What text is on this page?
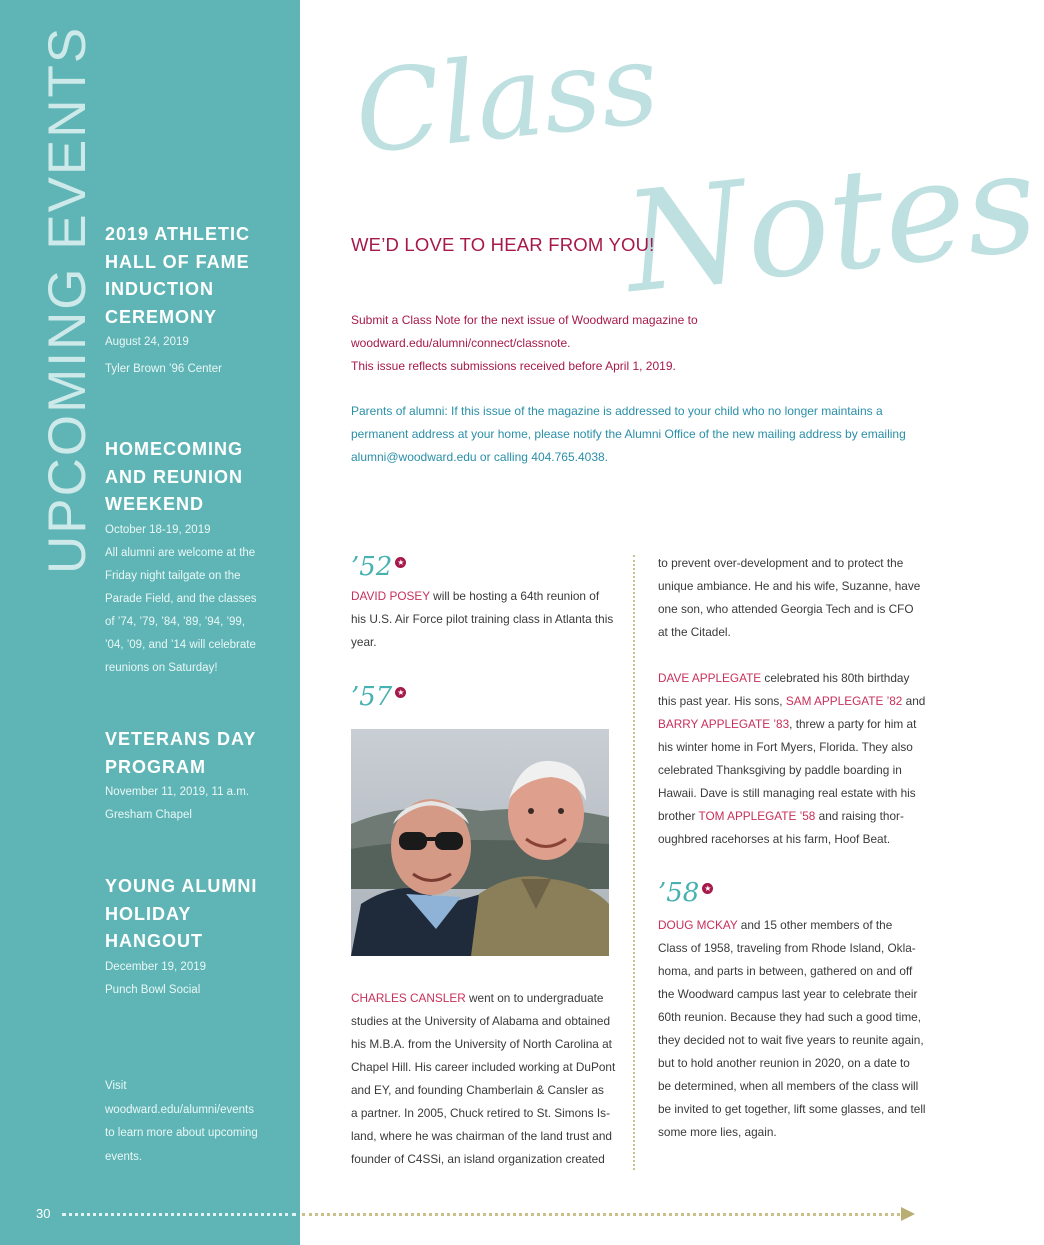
UPCOMING EVENTS 2019 ATHLETIC
HALL OF FAME
INDUCTION
CEREMONY
August 24, 2019
Tyler Brown ’96 Center
HOMECOMING
AND REUNION
WEEKEND
October 18-19, 2019
All alumni are welcome at the
Friday night tailgate on the
Parade Field, and the classes
of ’74, ’79, ’84, ’89, ’94, ’99,
’04, ’09, and ’14 will celebrate
reunions on Saturday!
VETERANS DAY
PROGRAM
November 11, 2019, 11 a.m.
Gresham Chapel
YOUNG ALUMNI
HOLIDAY
HANGOUT
December 19, 2019
Punch Bowl Social
Visit
woodward.edu/alumni/events
to learn more about upcoming
events.
30
Class
Notes
WE’D LOVE TO HEAR FROM YOU!
Submit a Class Note for the next issue of Woodward magazine to
woodward.edu/alumni/connect/classnote.
This issue reflects submissions received before April 1, 2019.
Parents of alumni: If this issue of the magazine is addressed to your child who no longer maintains a
permanent address at your home, please notify the Alumni Office of the new mailing address by emailing
alumni@woodward.edu or calling 404.765.4038.
’52 ★
DAVID POSEY will be hosting a 64th reunion of
his U.S. Air Force pilot training class in Atlanta this
year.
’57 ★
CHARLES CANSLER went on to undergraduate
studies at the University of Alabama and obtained
his M.B.A. from the University of North Carolina at
Chapel Hill. His career included working at DuPont
and EY, and founding Chamberlain & Cansler as
a partner. In 2005, Chuck retired to St. Simons Is-
land, where he was chairman of the land trust and
founder of C4SSi, an island organization created
to prevent over-development and to protect the
unique ambiance. He and his wife, Suzanne, have
one son, who attended Georgia Tech and is CFO
at the Citadel.
DAVE APPLEGATE celebrated his 80th birthday
this past year. His sons, SAM APPLEGATE ’82 and
BARRY APPLEGATE ’83, threw a party for him at
his winter home in Fort Myers, Florida. They also
celebrated Thanksgiving by paddle boarding in
Hawaii. Dave is still managing real estate with his
brother TOM APPLEGATE ’58 and raising thor-
oughbred racehorses at his farm, Hoof Beat.
’58 ★
DOUG MCKAY and 15 other members of the
Class of 1958, traveling from Rhode Island, Okla-
homa, and parts in between, gathered on and off
the Woodward campus last year to celebrate their
60th reunion. Because they had such a good time,
they decided not to wait five years to reunite again,
but to hold another reunion in 2020, on a date to
be determined, when all members of the class will
be invited to get together, lift some glasses, and tell
some more lies, again.
